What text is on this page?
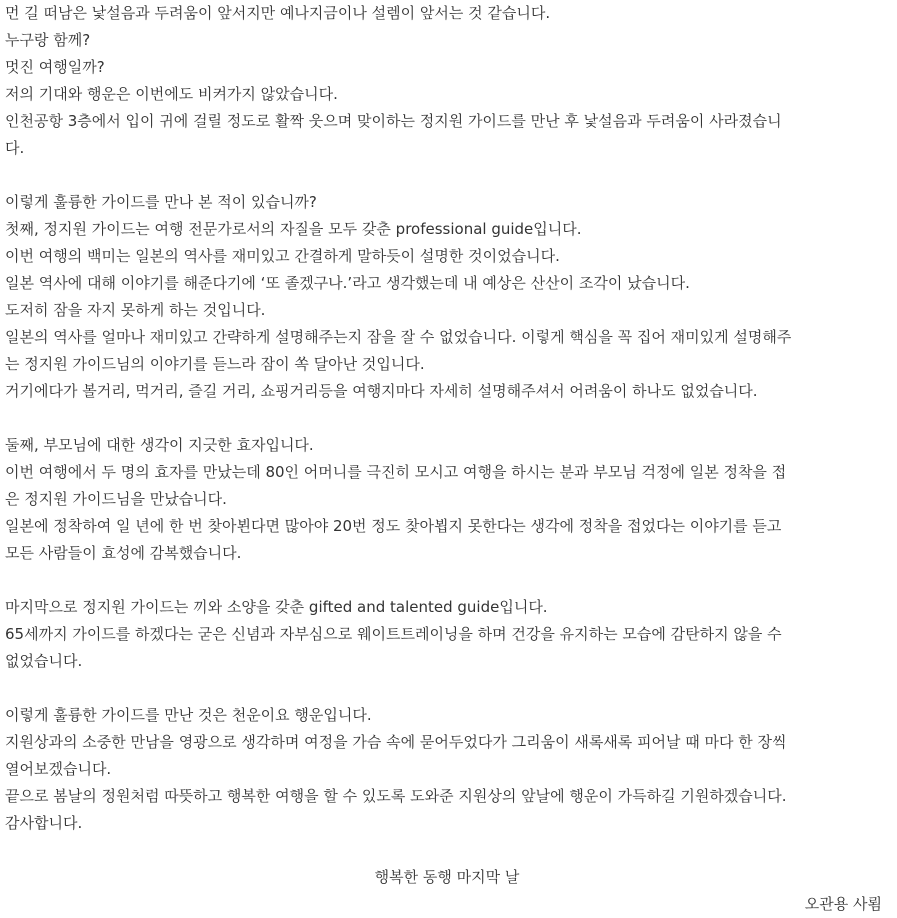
먼 길 떠남은 낯설음과 두려움이 앞서지만 예나지금이나 설렘이 앞서는 것 같습니다.
누구랑 함께?
멋진 여행일까?
저의 기대와 행운은 이번에도 비켜가지 않았습니다.
인천공항 3층에서 입이 귀에 걸릴 정도로 활짝 웃으며 맞이하는 정지원 가이드를 만난 후 낯설음과 두려움이 사라졌습니
다.
이렇게 훌륭한 가이드를 만나 본 적이 있습니까?
첫째, 정지원 가이드는 여행 전문가로서의 자질을 모두 갖춘 professional guide입니다.
이번 여행의 백미는 일본의 역사를 재미있고 간결하게 말하듯이 설명한 것이었습니다.
일본 역사에 대해 이야기를 해준다기에 ‘또 졸겠구나.’라고 생각했는데 내 예상은 산산이 조각이 났습니다.
도저히 잠을 자지 못하게 하는 것입니다.
일본의 역사를 얼마나 재미있고 간략하게 설명해주는지 잠을 잘 수 없었습니다. 이렇게 핵심을 꼭 집어 재미있게 설명해주
는 정지원 가이드님의 이야기를 듣느라 잠이 쏙 달아난 것입니다.
거기에다가 볼거리, 먹거리, 즐길 거리, 쇼핑거리등을 여행지마다 자세히 설명해주셔서 어려움이 하나도 없었습니다.
둘째, 부모님에 대한 생각이 지긋한 효자입니다.
이번 여행에서 두 명의 효자를 만났는데 80인 어머니를 극진히 모시고 여행을 하시는 분과 부모님 걱정에 일본 정착을 접
은 정지원 가이드님을 만났습니다.
일본에 정착하여 일 년에 한 번 찾아뵌다면 많아야 20번 정도 찾아뵙지 못한다는 생각에 정착을 접었다는 이야기를 듣고
모든 사람들이 효성에 감복했습니다.
마지막으로 정지원 가이드는 끼와 소양을 갖춘 gifted and talented guide입니다.
65세까지 가이드를 하겠다는 굳은 신념과 자부심으로 웨이트트레이닝을 하며 건강을 유지하는 모습에 감탄하지 않을 수
없었습니다.
이렇게 훌륭한 가이드를 만난 것은 천운이요 행운입니다.
지원상과의 소중한 만남을 영광으로 생각하며 여정을 가슴 속에 묻어두었다가 그리움이 새록새록 피어날 때 마다 한 장씩
열어보겠습니다.
끝으로 봄날의 정원처럼 따뜻하고 행복한 여행을 할 수 있도록 도와준 지원상의 앞날에 행운이 가득하길 기원하겠습니다.
감사합니다.
행복한 동행 마지막 날
오관용 사룀
